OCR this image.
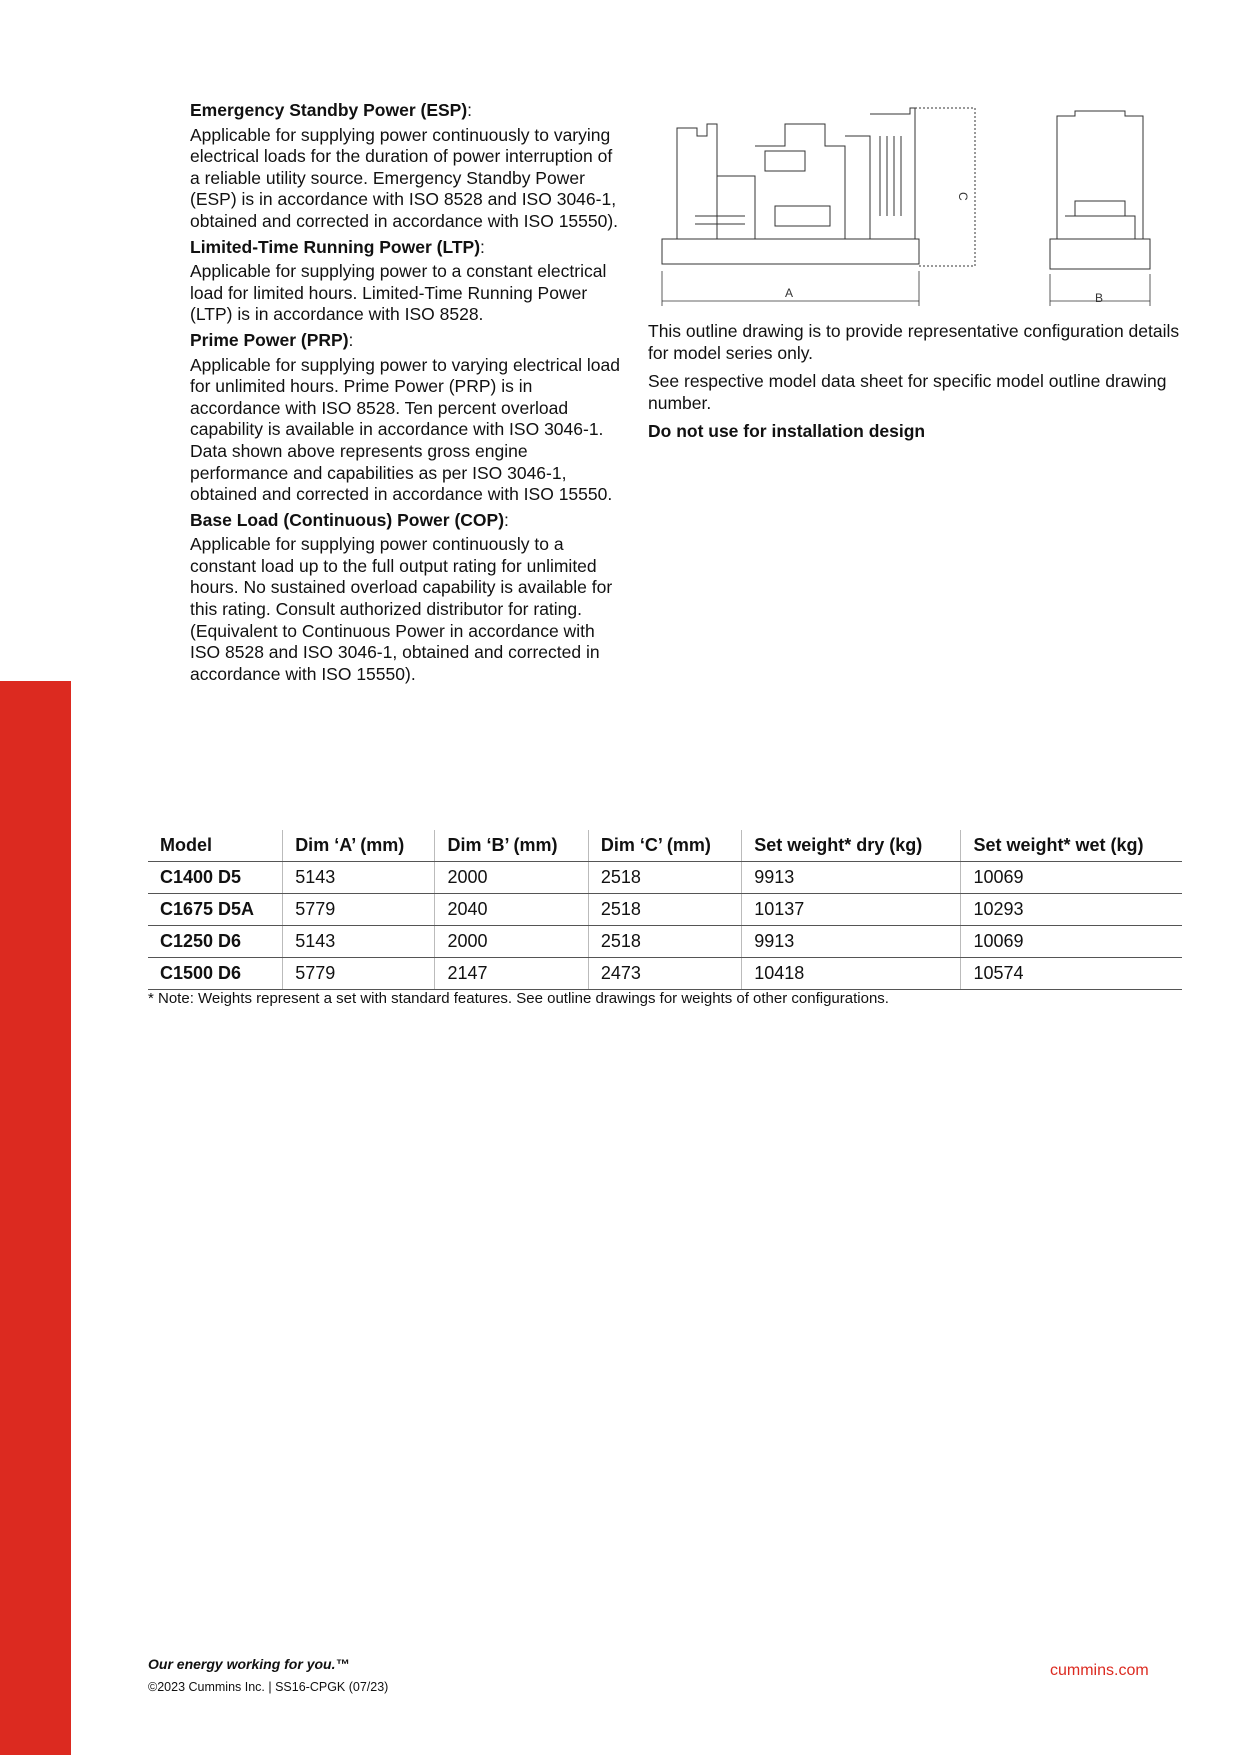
Emergency Standby Power (ESP):

Applicable for supplying power continuously to varying electrical loads for the duration of power interruption of a reliable utility source. Emergency Standby Power (ESP) is in accordance with ISO 8528 and ISO 3046-1, obtained and corrected in accordance with ISO 15550).

Limited-Time Running Power (LTP):

Applicable for supplying power to a constant electrical load for limited hours. Limited-Time Running Power (LTP) is in accordance with ISO 8528.

Prime Power (PRP):

Applicable for supplying power to varying electrical load for unlimited hours. Prime Power (PRP) is in accordance with ISO 8528. Ten percent overload capability is available in accordance with ISO 3046-1. Data shown above represents gross engine performance and capabilities as per ISO 3046-1, obtained and corrected in accordance with ISO 15550.

Base Load (Continuous) Power (COP):

Applicable for supplying power continuously to a constant load up to the full output rating for unlimited hours. No sustained overload capability is available for this rating. Consult authorized distributor for rating. (Equivalent to Continuous Power in accordance with ISO 8528 and ISO 3046-1, obtained and corrected in accordance with ISO 15550).

A
C
B

This outline drawing is to provide representative configuration details for model series only.

See respective model data sheet for specific model outline drawing number.

Do not use for installation design

Model	Dim ‘A’ (mm)	Dim ‘B’ (mm)	Dim ‘C’ (mm)	Set weight* dry (kg)	Set weight* wet (kg)
C1400 D5	5143	2000	2518	9913	10069
C1675 D5A	5779	2040	2518	10137	10293
C1250 D6	5143	2000	2518	9913	10069
C1500 D6	5779	2147	2473	10418	10574
* Note: Weights represent a set with standard features. See outline drawings for weights of other configurations.
Our energy working for you.™
©2023 Cummins Inc. | SS16-CPGK (07/23)
cummins.com
